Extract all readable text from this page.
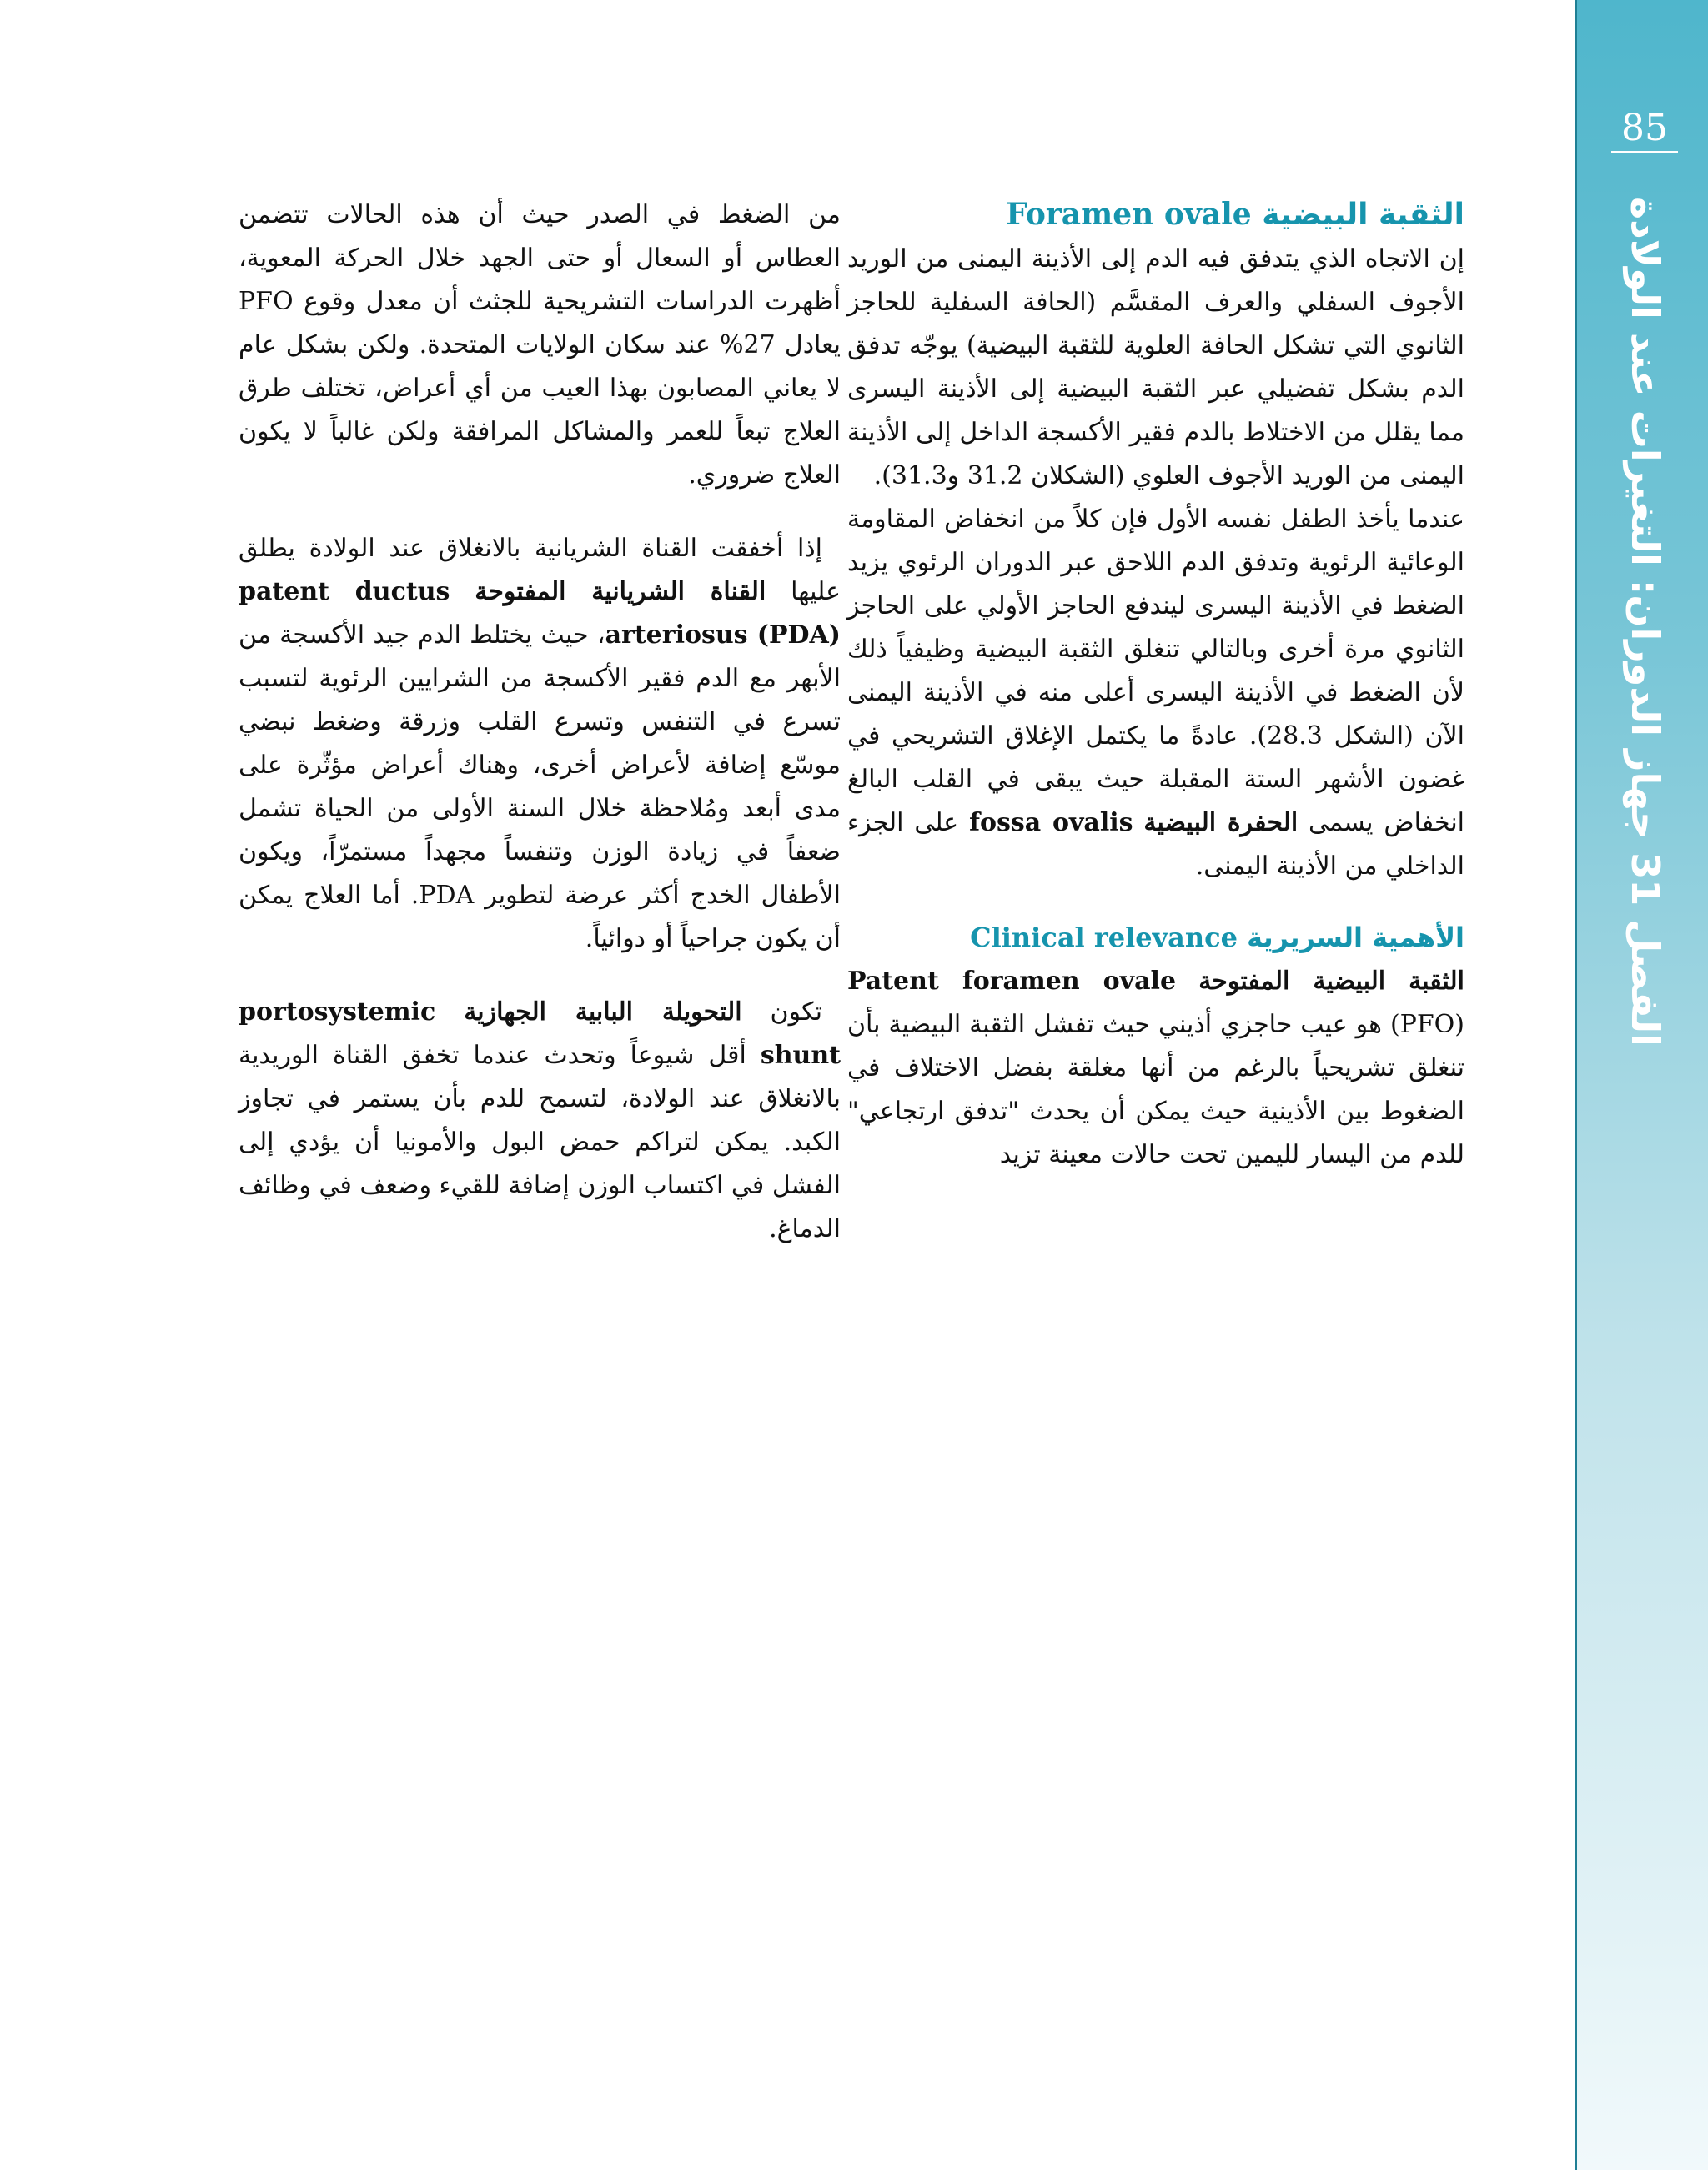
85
الفصل 31 جهاز الدوران: التغيرات عند الولادة
الثقبة البيضية Foramen ovale

إن الاتجاه الذي يتدفق فيه الدم إلى الأذينة اليمنى من الوريد الأجوف السفلي والعرف المقسَّم (الحافة السفلية للحاجز الثانوي التي تشكل الحافة العلوية للثقبة البيضية) يوجّه تدفق الدم بشكل تفضيلي عبر الثقبة البيضية إلى الأذينة اليسرى مما يقلل من الاختلاط بالدم فقير الأكسجة الداخل إلى الأذينة اليمنى من الوريد الأجوف العلوي (الشكلان 31.2 و31.3).

عندما يأخذ الطفل نفسه الأول فإن كلاً من انخفاض المقاومة الوعائية الرئوية وتدفق الدم اللاحق عبر الدوران الرئوي يزيد الضغط في الأذينة اليسرى ليندفع الحاجز الأولي على الحاجز الثانوي مرة أخرى وبالتالي تنغلق الثقبة البيضية وظيفياً ذلك لأن الضغط في الأذينة اليسرى أعلى منه في الأذينة اليمنى الآن (الشكل 28.3). عادةً ما يكتمل الإغلاق التشريحي في غضون الأشهر الستة المقبلة حيث يبقى في القلب البالغ انخفاض يسمى الحفرة البيضية fossa ovalis على الجزء الداخلي من الأذينة اليمنى.

الأهمية السريرية Clinical relevance

الثقبة البيضية المفتوحة Patent foramen ovale (PFO) هو عيب حاجزي أذيني حيث تفشل الثقبة البيضية بأن تنغلق تشريحياً بالرغم من أنها مغلقة بفضل الاختلاف في الضغوط بين الأذينية حيث يمكن أن يحدث "تدفق ارتجاعي" للدم من اليسار لليمين تحت حالات معينة تزيد

من الضغط في الصدر حيث أن هذه الحالات تتضمن العطاس أو السعال أو حتى الجهد خلال الحركة المعوية، أظهرت الدراسات التشريحية للجثث أن معدل وقوع PFO يعادل 27% عند سكان الولايات المتحدة. ولكن بشكل عام لا يعاني المصابون بهذا العيب من أي أعراض، تختلف طرق العلاج تبعاً للعمر والمشاكل المرافقة ولكن غالباً لا يكون العلاج ضروري.

إذا أخفقت القناة الشريانية بالانغلاق عند الولادة يطلق عليها القناة الشريانية المفتوحة patent ductus arteriosus (PDA)، حيث يختلط الدم جيد الأكسجة من الأبهر مع الدم فقير الأكسجة من الشرايين الرئوية لتسبب تسرع في التنفس وتسرع القلب وزرقة وضغط نبضي موسّع إضافة لأعراض أخرى، وهناك أعراض مؤثّرة على مدى أبعد ومُلاحظة خلال السنة الأولى من الحياة تشمل ضعفاً في زيادة الوزن وتنفساً مجهداً مستمرّاً، ويكون الأطفال الخدج أكثر عرضة لتطوير PDA. أما العلاج يمكن أن يكون جراحياً أو دوائياً.

تكون التحويلة البابية الجهازية portosystemic shunt أقل شيوعاً وتحدث عندما تخفق القناة الوريدية بالانغلاق عند الولادة، لتسمح للدم بأن يستمر في تجاوز الكبد. يمكن لتراكم حمض البول والأمونيا أن يؤدي إلى الفشل في اكتساب الوزن إضافة للقيء وضعف في وظائف الدماغ.
